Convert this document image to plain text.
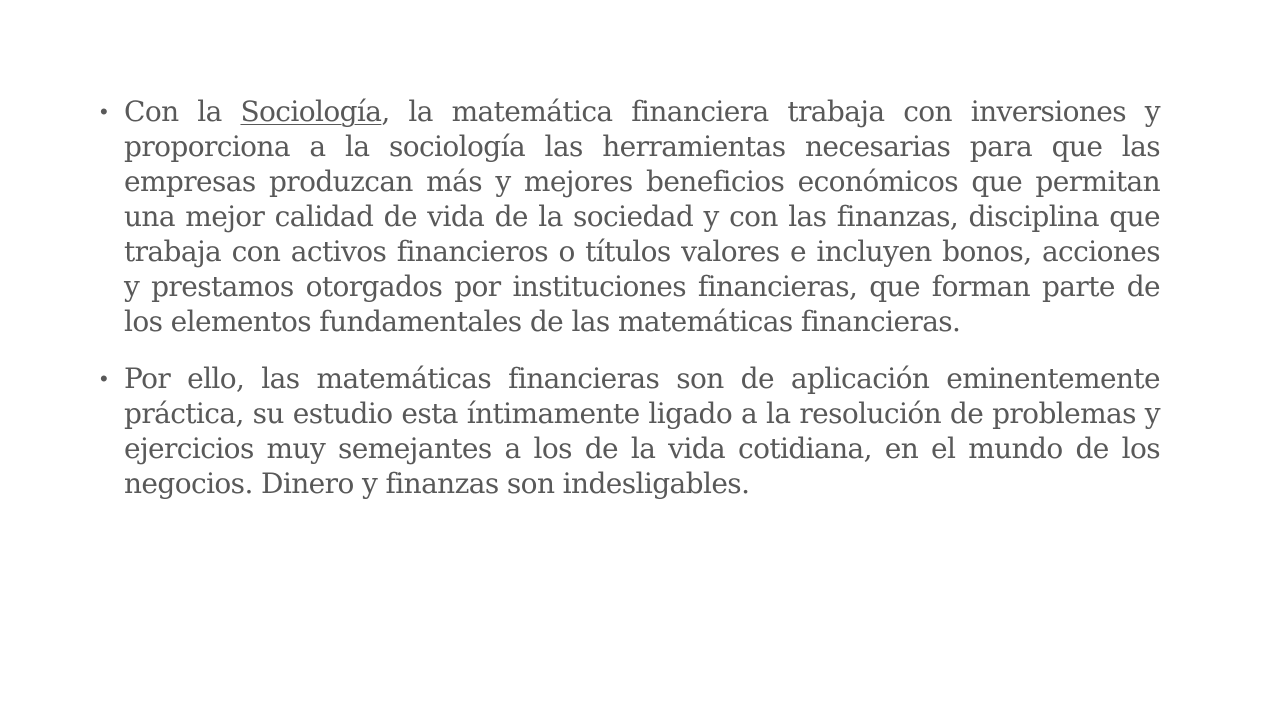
• Con la Sociología, la matemática financiera trabaja con inversiones y proporciona a la sociología las herramientas necesarias para que las empresas produzcan más y mejores beneficios económicos que permitan una mejor calidad de vida de la sociedad y con las finanzas, disciplina que trabaja con activos financieros o títulos valores e incluyen bonos, acciones y prestamos otorgados por instituciones financieras, que forman parte de los elementos fundamentales de las matemáticas financieras.
• Por ello, las matemáticas financieras son de aplicación eminentemente práctica, su estudio esta íntimamente ligado a la resolución de problemas y ejercicios muy semejantes a los de la vida cotidiana, en el mundo de los negocios. Dinero y finanzas son indesligables.
